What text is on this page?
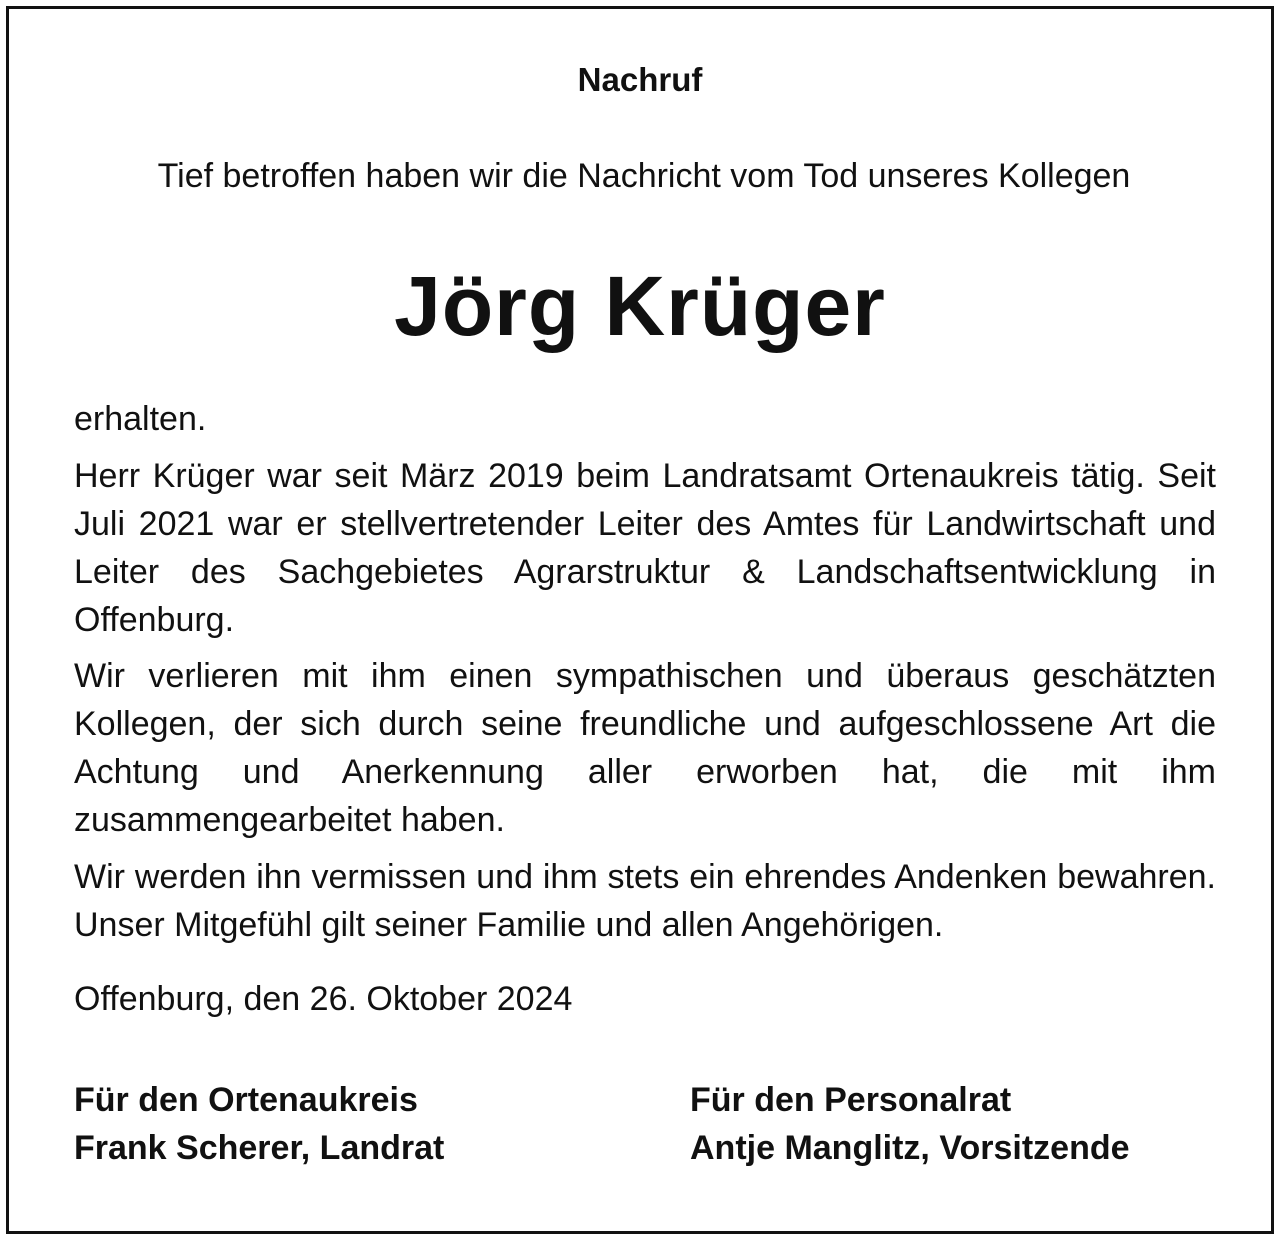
Nachruf
Tief betroffen haben wir die Nachricht vom Tod unseres Kollegen
Jörg Krüger
erhalten.
Herr Krüger war seit März 2019 beim Landratsamt Ortenaukreis tätig. Seit Juli 2021 war er stellvertretender Leiter des Amtes für Landwirtschaft und Leiter des Sachgebietes Agrarstruktur & Landschaftsentwicklung in Offenburg.
Wir verlieren mit ihm einen sympathischen und überaus geschätzten Kollegen, der sich durch seine freundliche und aufgeschlossene Art die Achtung und Anerkennung aller erworben hat, die mit ihm zusammengearbeitet haben.
Wir werden ihn vermissen und ihm stets ein ehrendes Andenken bewahren. Unser Mitgefühl gilt seiner Familie und allen Angehörigen.
Offenburg, den 26. Oktober 2024
Für den Ortenaukreis
Frank Scherer, Landrat
Für den Personalrat
Antje Manglitz, Vorsitzende
